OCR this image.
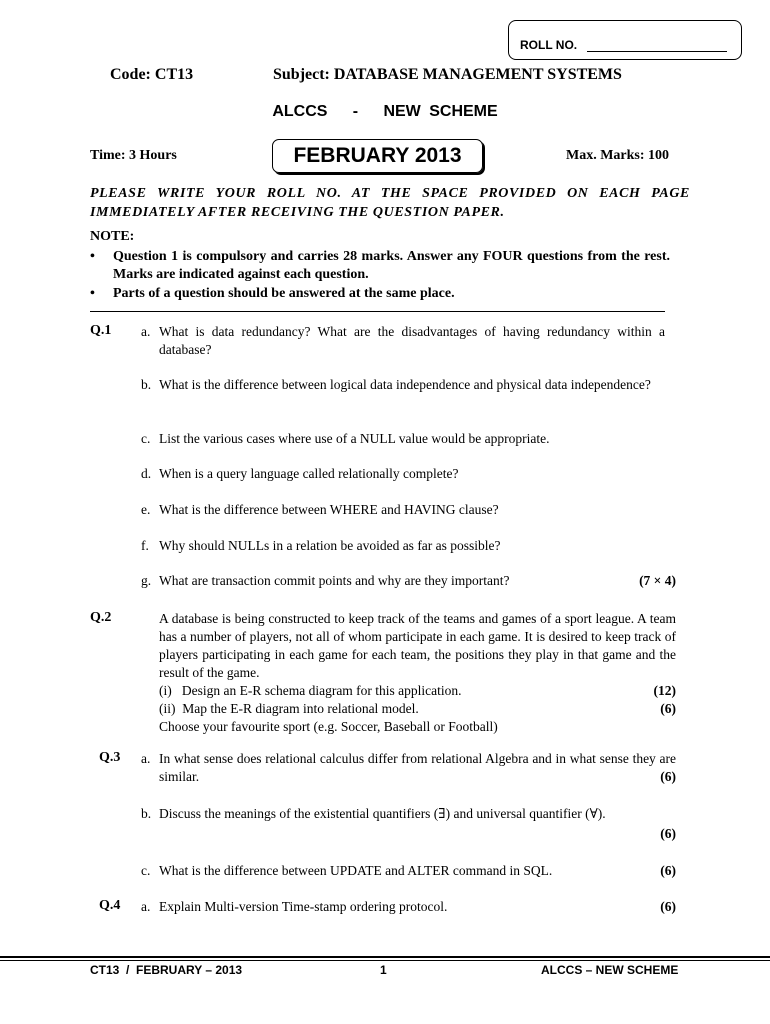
ROLL NO.
Code: CT13	Subject: DATABASE MANAGEMENT SYSTEMS
ALCCS   -   NEW SCHEME
Time: 3 Hours	FEBRUARY 2013	Max. Marks: 100
PLEASE WRITE YOUR ROLL NO. AT THE SPACE PROVIDED ON EACH PAGE IMMEDIATELY AFTER RECEIVING THE QUESTION PAPER.
NOTE:
• Question 1 is compulsory and carries 28 marks. Answer any FOUR questions from the rest. Marks are indicated against each question.
• Parts of a question should be answered at the same place.
Q.1 a. What is data redundancy? What are the disadvantages of having redundancy within a database?
b. What is the difference between logical data independence and physical data independence?
c. List the various cases where use of a NULL value would be appropriate.
d. When is a query language called relationally complete?
e. What is the difference between WHERE and HAVING clause?
f. Why should NULLs in a relation be avoided as far as possible?
g. What are transaction commit points and why are they important?	(7 × 4)
Q.2	A database is being constructed to keep track of the teams and games of a sport league. A team has a number of players, not all of whom participate in each game. It is desired to keep track of players participating in each game for each team, the positions they play in that game and the result of the game.
(i)   Design an E-R schema diagram for this application.	(12)
(ii)  Map the E-R diagram into relational model.	(6)
Choose your favourite sport (e.g. Soccer, Baseball or Football)
Q.3 a. In what sense does relational calculus differ from relational Algebra and in what sense they are similar.	(6)
b. Discuss the meanings of the existential quantifiers (∃) and universal quantifier (∀).
(6)
c. What is the difference between UPDATE and ALTER command in SQL.	(6)
Q.4 a. Explain Multi-version Time-stamp ordering protocol.	(6)
CT13  /  FEBRUARY – 2013	1	ALCCS – NEW SCHEME
